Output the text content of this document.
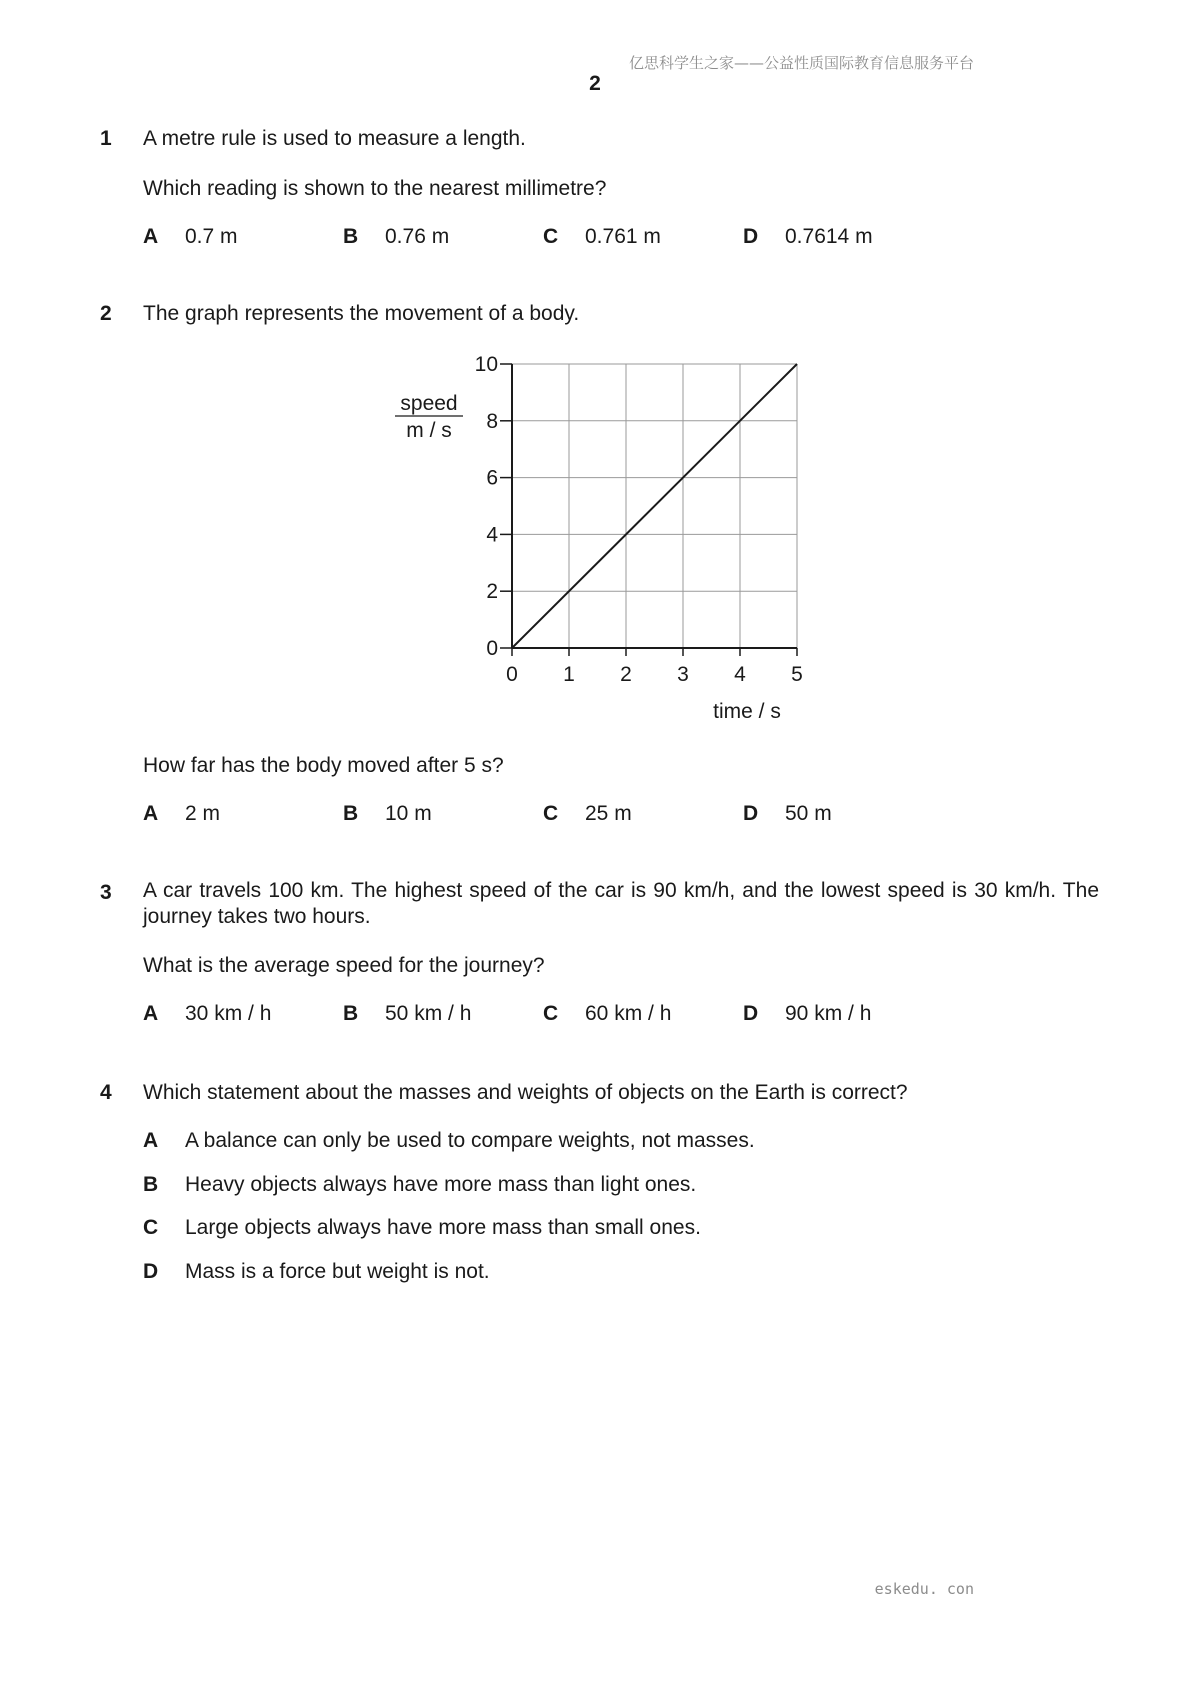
亿思科学生之家——公益性质国际教育信息服务平台
2
1 A metre rule is used to measure a length.
Which reading is shown to the nearest millimetre?
A 0.7 m	B 0.76 m	C 0.761 m	D 0.7614 m
2 The graph represents the movement of a body.
0 1 2 3 4 5
0
2
4
6
8
10
speed
m / s
time / s
How far has the body moved after 5 s?
A 2 m	B 10 m	C 25 m	D 50 m
3 A car travels 100 km. The highest speed of the car is 90 km/h, and the lowest speed is 30 km/h. The journey takes two hours.
What is the average speed for the journey?
A 30 km / h	B 50 km / h	C 60 km / h	D 90 km / h
4 Which statement about the masses and weights of objects on the Earth is correct?
A A balance can only be used to compare weights, not masses.
B Heavy objects always have more mass than light ones.
C Large objects always have more mass than small ones.
D Mass is a force but weight is not.
eskedu. con
